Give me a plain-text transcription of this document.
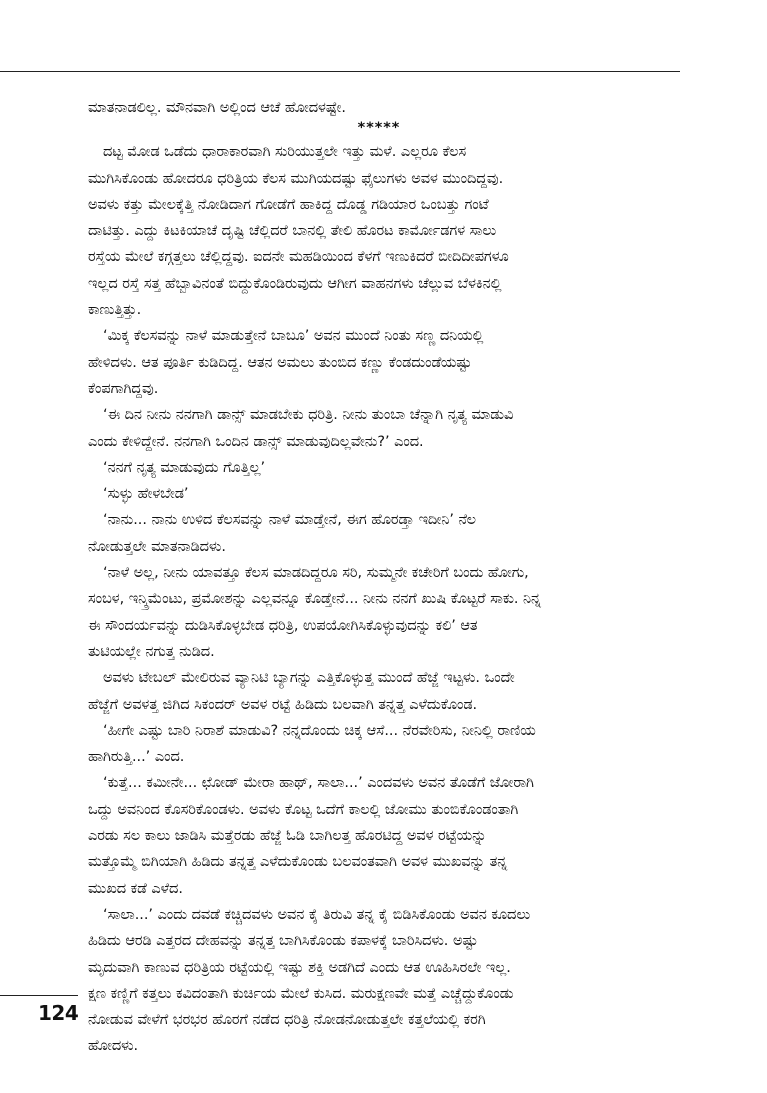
ಮಾತನಾಡಲಿಲ್ಲ. ಮೌನವಾಗಿ ಅಲ್ಲಿಂದ ಆಚೆ ಹೋದಳಷ್ಟೇ.
*****
ದಟ್ಟ ಮೋಡ ಒಡೆದು ಧಾರಾಕಾರವಾಗಿ ಸುರಿಯುತ್ತಲೇ ಇತ್ತು ಮಳೆ. ಎಲ್ಲರೂ ಕೆಲಸ
ಮುಗಿಸಿಕೊಂಡು ಹೋದರೂ ಧರಿತ್ರಿಯ ಕೆಲಸ ಮುಗಿಯದಷ್ಟು ಫೈಲುಗಳು ಅವಳ ಮುಂದಿದ್ದವು.
ಅವಳು ಕತ್ತು ಮೇಲಕ್ಕೆತ್ತಿ ನೋಡಿದಾಗ ಗೋಡೆಗೆ ಹಾಕಿದ್ದ ದೊಡ್ಡ ಗಡಿಯಾರ ಒಂಬತ್ತು ಗಂಟೆ
ದಾಟಿತ್ತು. ಎದ್ದು ಕಿಟಕಿಯಾಚೆ ದೃಷ್ಟಿ ಚೆಲ್ಲಿದರೆ ಬಾನಲ್ಲಿ ತೇಲಿ ಹೊರಟ ಕಾರ್ಮೋಡಗಳ ಸಾಲು
ರಸ್ತೆಯ ಮೇಲೆ ಕಗ್ಗತ್ತಲು ಚೆಲ್ಲಿದ್ದವು. ಐದನೇ ಮಹಡಿಯಿಂದ ಕೆಳಗೆ ಇಣುಕಿದರೆ ಬೀದಿದೀಪಗಳೂ
ಇಲ್ಲದ ರಸ್ತೆ ಸತ್ತ ಹೆಬ್ಬಾವಿನಂತೆ ಬಿದ್ದುಕೊಂಡಿರುವುದು ಆಗೀಗ ವಾಹನಗಳು ಚೆಲ್ಲುವ ಬೆಳಕಿನಲ್ಲಿ
ಕಾಣುತ್ತಿತ್ತು.
‘ಮಿಕ್ಕ ಕೆಲಸವನ್ನು ನಾಳೆ ಮಾಡುತ್ತೇನೆ ಬಾಬೂ’ ಅವನ ಮುಂದೆ ನಿಂತು ಸಣ್ಣ ದನಿಯಲ್ಲಿ
ಹೇಳಿದಳು. ಆತ ಪೂರ್ತಿ ಕುಡಿದಿದ್ದ. ಆತನ ಅಮಲು ತುಂಬಿದ ಕಣ್ಣು ಕೆಂಡದುಂಡೆಯಷ್ಟು
ಕೆಂಪಗಾಗಿದ್ದವು.
‘ಈ ದಿನ ನೀನು ನನಗಾಗಿ ಡಾನ್ಸ್ ಮಾಡಬೇಕು ಧರಿತ್ರಿ. ನೀನು ತುಂಬಾ ಚೆನ್ನಾಗಿ ನೃತ್ಯ ಮಾಡುವಿ
ಎಂದು ಕೇಳಿದ್ದೇನೆ. ನನಗಾಗಿ ಒಂದಿನ ಡಾನ್ಸ್ ಮಾಡುವುದಿಲ್ಲವೇನು?’ ಎಂದ.
‘ನನಗೆ ನೃತ್ಯ ಮಾಡುವುದು ಗೊತ್ತಿಲ್ಲ’
‘ಸುಳ್ಳು ಹೇಳಬೇಡ’
‘ನಾನು... ನಾನು ಉಳಿದ ಕೆಲಸವನ್ನು ನಾಳೆ ಮಾಡ್ತೇನೆ, ಈಗ ಹೊರಡ್ತಾ ಇದೀನಿ’ ನೆಲ
ನೋಡುತ್ತಲೇ ಮಾತನಾಡಿದಳು.
‘ನಾಳೆ ಅಲ್ಲ, ನೀನು ಯಾವತ್ತೂ ಕೆಲಸ ಮಾಡದಿದ್ದರೂ ಸರಿ, ಸುಮ್ಮನೇ ಕಚೇರಿಗೆ ಬಂದು ಹೋಗು,
ಸಂಬಳ, ಇನ್ಕ್ರಿಮೆಂಟು, ಪ್ರಮೋಶನ್ನು ಎಲ್ಲವನ್ನೂ ಕೊಡ್ತೇನೆ... ನೀನು ನನಗೆ ಖುಷಿ ಕೊಟ್ಟರೆ ಸಾಕು. ನಿನ್ನ
ಈ ಸೌಂದರ್ಯವನ್ನು ದುಡಿಸಿಕೊಳ್ಳಬೇಡ ಧರಿತ್ರಿ, ಉಪಯೋಗಿಸಿಕೊಳ್ಳುವುದನ್ನು ಕಲಿ’ ಆತ
ತುಟಿಯಲ್ಲೇ ನಗುತ್ತ ನುಡಿದ.
ಅವಳು ಟೇಬಲ್ ಮೇಲಿರುವ ವ್ಯಾನಿಟಿ ಬ್ಯಾಗನ್ನು ಎತ್ತಿಕೊಳ್ಳುತ್ತ ಮುಂದೆ ಹೆಜ್ಜೆ ಇಟ್ಟಳು. ಒಂದೇ
ಹೆಜ್ಜೆಗೆ ಅವಳತ್ತ ಜಿಗಿದ ಸಿಕಂದರ್ ಅವಳ ರಟ್ಟೆ ಹಿಡಿದು ಬಲವಾಗಿ ತನ್ನತ್ತ ಎಳೆದುಕೊಂಡ.
‘ಹೀಗೇ ಎಷ್ಟು ಬಾರಿ ನಿರಾಶೆ ಮಾಡುವಿ? ನನ್ನದೊಂದು ಚಿಕ್ಕ ಆಸೆ... ನೆರವೇರಿಸು, ನೀನಿಲ್ಲಿ ರಾಣಿಯ
ಹಾಗಿರುತ್ತಿ...’ ಎಂದ.
‘ಕುತ್ತೆ... ಕಮೀನೇ... ಛೋಡ್ ಮೇರಾ ಹಾಥ್, ಸಾಲಾ...’ ಎಂದವಳು ಅವನ ತೊಡೆಗೆ ಜೋರಾಗಿ
ಒದ್ದು ಅವನಿಂದ ಕೊಸರಿಕೊಂಡಳು. ಅವಳು ಕೊಟ್ಟ ಒದೆಗೆ ಕಾಲಲ್ಲಿ ಜೋಮು ತುಂಬಿಕೊಂಡಂತಾಗಿ
ಎರಡು ಸಲ ಕಾಲು ಜಾಡಿಸಿ ಮತ್ತೆರಡು ಹೆಜ್ಜೆ ಓಡಿ ಬಾಗಿಲತ್ತ ಹೊರಟಿದ್ದ ಅವಳ ರಟ್ಟೆಯನ್ನು
ಮತ್ತೊಮ್ಮೆ ಬಿಗಿಯಾಗಿ ಹಿಡಿದು ತನ್ನತ್ತ ಎಳೆದುಕೊಂಡು ಬಲವಂತವಾಗಿ ಅವಳ ಮುಖವನ್ನು ತನ್ನ
ಮುಖದ ಕಡೆ ಎಳೆದ.
‘ಸಾಲಾ...’ ಎಂದು ದವಡೆ ಕಚ್ಚಿದವಳು ಅವನ ಕೈ ತಿರುವಿ ತನ್ನ ಕೈ ಬಿಡಿಸಿಕೊಂಡು ಅವನ ಕೂದಲು
ಹಿಡಿದು ಆರಡಿ ಎತ್ತರದ ದೇಹವನ್ನು ತನ್ನತ್ತ ಬಾಗಿಸಿಕೊಂಡು ಕಪಾಳಕ್ಕೆ ಬಾರಿಸಿದಳು. ಅಷ್ಟು
ಮೃದುವಾಗಿ ಕಾಣುವ ಧರಿತ್ರಿಯ ರಟ್ಟೆಯಲ್ಲಿ ಇಷ್ಟು ಶಕ್ತಿ ಅಡಗಿದೆ ಎಂದು ಆತ ಊಹಿಸಿರಲೇ ಇಲ್ಲ.
ಕ್ಷಣ ಕಣ್ಣಿಗೆ ಕತ್ತಲು ಕವಿದಂತಾಗಿ ಕುರ್ಚಿಯ ಮೇಲೆ ಕುಸಿದ. ಮರುಕ್ಷಣವೇ ಮತ್ತೆ ಎಚ್ಚೆದ್ದುಕೊಂಡು
ನೋಡುವ ವೇಳೆಗೆ ಭರಭರ ಹೊರಗೆ ನಡೆದ ಧರಿತ್ರಿ ನೋಡನೋಡುತ್ತಲೇ ಕತ್ತಲೆಯಲ್ಲಿ ಕರಗಿ
ಹೋದಳು.
124
